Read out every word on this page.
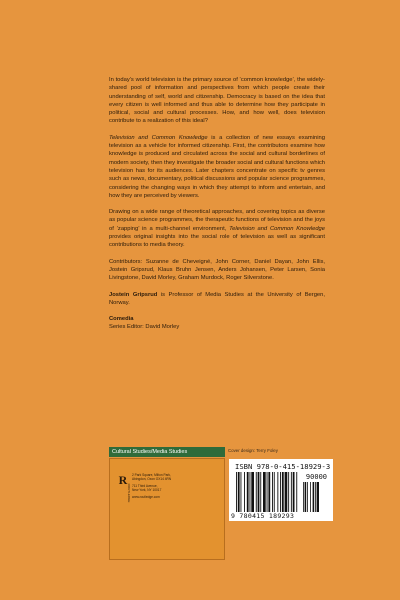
In today’s world television is the primary source of ‘common knowledge’, the widely-shared pool of information and perspectives from which people create their understanding of self, world and citizenship. Democracy is based on the idea that every citizen is well informed and thus able to determine how they participate in political, social and cultural processes. How, and how well, does television contribute to a realization of this ideal?

Television and Common Knowledge is a collection of new essays examining television as a vehicle for informed citizenship. First, the contributors examine how knowledge is produced and circulated across the social and cultural borderlines of modern society, then they investigate the broader social and cultural functions which television has for its audiences. Later chapters concentrate on specific tv genres such as news, documentary, political discussions and popular science programmes, considering the changing ways in which they attempt to inform and entertain, and how they are perceived by viewers.

Drawing on a wide range of theoretical approaches, and covering topics as diverse as popular science programmes, the therapeutic functions of television and the joys of ‘zapping’ in a multi-channel environment, Television and Common Knowledge provides original insights into the social role of television as well as significant contributions to media theory.

Contributors: Suzanne de Cheveigné, John Corner, Daniel Dayan, John Ellis, Jostein Gripsrud, Klaus Bruhn Jensen, Anders Johansen, Peter Larsen, Sonia Livingstone, David Morley, Graham Murdock, Roger Silverstone.

Jostein Gripsrud is Professor of Media Studies at the University of Bergen, Norway.

Comedia
Series Editor: David Morley
Cultural Studies/Media Studies	Cover design: Terry Foley
R
ROUTLEDGE
2 Park Square, Milton Park,
Abingdon, Oxon OX14 4RN
711 Third Avenue,
New York, NY 10017
www.routledge.com
ISBN 978-0-415-18929-3
90000
9 780415 189293
